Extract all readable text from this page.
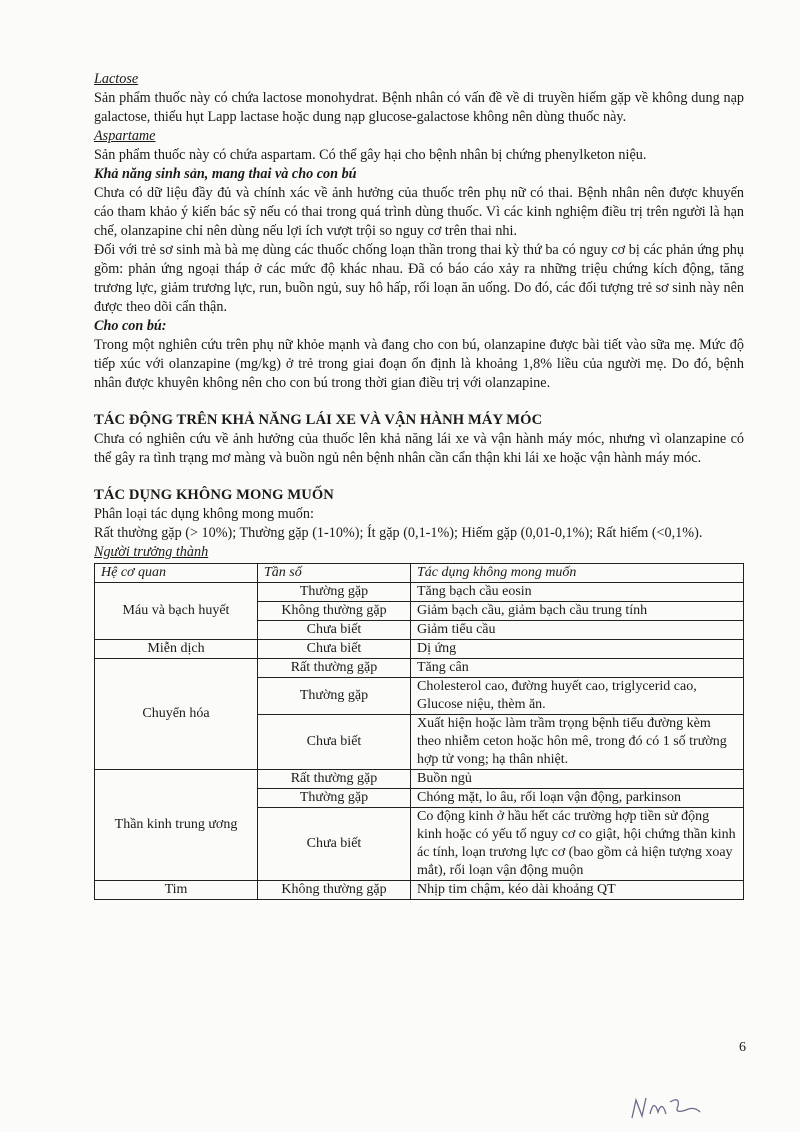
Lactose

Sản phẩm thuốc này có chứa lactose monohydrat. Bệnh nhân có vấn đề về di truyền hiếm gặp về không dung nạp galactose, thiếu hụt Lapp lactase hoặc dung nạp glucose-galactose không nên dùng thuốc này.

Aspartame

Sản phẩm thuốc này có chứa aspartam. Có thể gây hại cho bệnh nhân bị chứng phenylketon niệu.

Khả năng sinh sản, mang thai và cho con bú

Chưa có dữ liệu đầy đủ và chính xác về ảnh hưởng của thuốc trên phụ nữ có thai. Bệnh nhân nên được khuyến cáo tham khảo ý kiến bác sỹ nếu có thai trong quá trình dùng thuốc. Vì các kinh nghiệm điều trị trên người là hạn chế, olanzapine chỉ nên dùng nếu lợi ích vượt trội so nguy cơ trên thai nhi.

Đối với trẻ sơ sinh mà bà mẹ dùng các thuốc chống loạn thần trong thai kỳ thứ ba có nguy cơ bị các phản ứng phụ gồm: phản ứng ngoại tháp ở các mức độ khác nhau. Đã có báo cáo xảy ra những triệu chứng kích động, tăng trương lực, giảm trương lực, run, buồn ngủ, suy hô hấp, rối loạn ăn uống. Do đó, các đối tượng trẻ sơ sinh này nên được theo dõi cẩn thận.

Cho con bú:

Trong một nghiên cứu trên phụ nữ khỏe mạnh và đang cho con bú, olanzapine được bài tiết vào sữa mẹ. Mức độ tiếp xúc với olanzapine (mg/kg) ở trẻ trong giai đoạn ổn định là khoảng 1,8% liều của người mẹ. Do đó, bệnh nhân được khuyên không nên cho con bú trong thời gian điều trị với olanzapine.

TÁC ĐỘNG TRÊN KHẢ NĂNG LÁI XE VÀ VẬN HÀNH MÁY MÓC

Chưa có nghiên cứu về ảnh hưởng của thuốc lên khả năng lái xe và vận hành máy móc, nhưng vì olanzapine có thể gây ra tình trạng mơ màng và buồn ngủ nên bệnh nhân cần cẩn thận khi lái xe hoặc vận hành máy móc.

TÁC DỤNG KHÔNG MONG MUỐN

Phân loại tác dụng không mong muốn:

Rất thường gặp (> 10%); Thường gặp (1-10%); Ít gặp (0,1-1%); Hiếm gặp (0,01-0,1%); Rất hiếm (<0,1%).

Người trưởng thành

Hệ cơ quan	Tần số	Tác dụng không mong muốn
Máu và bạch huyết	Thường gặp	Tăng bạch cầu eosin
	Không thường gặp	Giảm bạch cầu, giảm bạch cầu trung tính
	Chưa biết	Giảm tiểu cầu
Miễn dịch	Chưa biết	Dị ứng
Chuyển hóa	Rất thường gặp	Tăng cân
	Thường gặp	Cholesterol cao, đường huyết cao, triglycerid cao, Glucose niệu, thèm ăn.
	Chưa biết	Xuất hiện hoặc làm trầm trọng bệnh tiểu đường kèm theo nhiễm ceton hoặc hôn mê, trong đó có 1 số trường hợp tử vong; hạ thân nhiệt.
Thần kinh trung ương	Rất thường gặp	Buồn ngủ
	Thường gặp	Chóng mặt, lo âu, rối loạn vận động, parkinson
	Chưa biết	Co động kinh ở hầu hết các trường hợp tiền sử động kinh hoặc có yếu tố nguy cơ co giật, hội chứng thần kinh ác tính, loạn trương lực cơ (bao gồm cả hiện tượng xoay mắt), rối loạn vận động muộn
Tim	Không thường gặp	Nhịp tim chậm, kéo dài khoảng QT
6
